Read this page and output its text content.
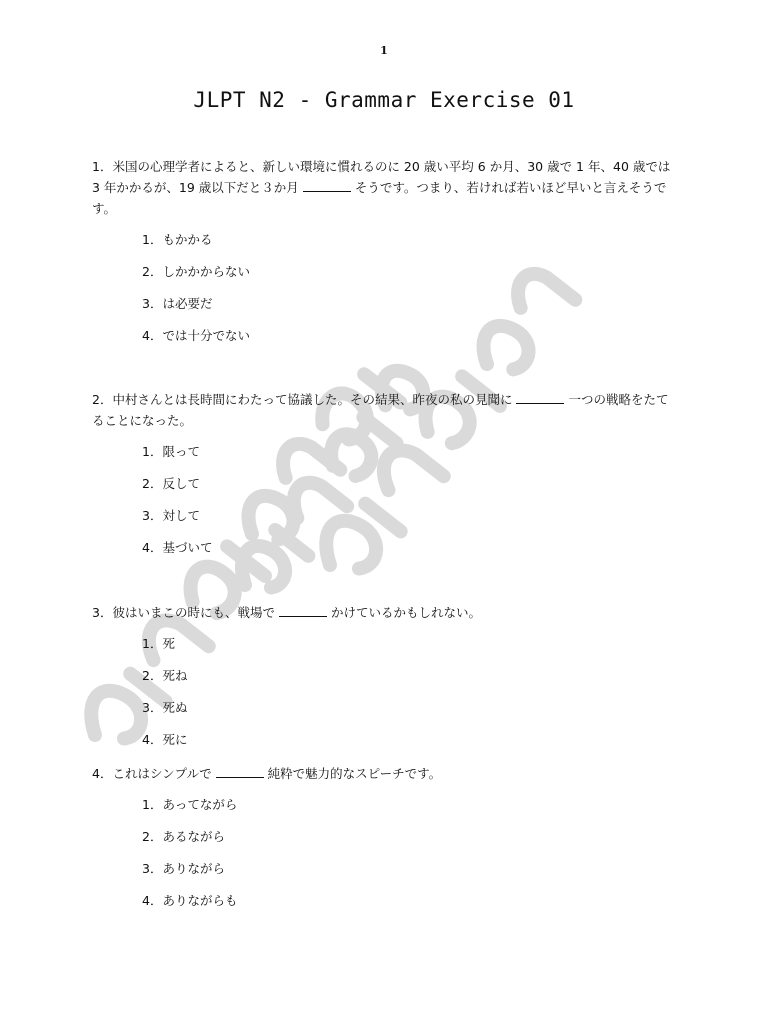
1
JLPT N2 - Grammar Exercise 01

1．米国の心理学者によると、新しい環境に慣れるのに 20 歳い平均 6 か月、30 歳で 1 年、40 歳では 3 年かかるが、19 歳以下だと３か月	そうです。つまり、若ければ若いほど早いと言えそうです。

1．もかかる
2．しかかからない
3．は必要だ
4．では十分でない

2．中村さんとは長時間にわたって協議した。その結果、昨夜の私の見聞に	一つの戦略をたてることになった。

1．限って
2．反して
3．対して
4．基づいて

3．彼はいまこの時にも、戦場で	かけているかもしれない。

1．死
2．死ね
3．死ぬ
4．死に

4．これはシンプルで	純粋で魅力的なスピーチです。

1．あってながら
2．あるながら
3．ありながら
4．ありながらも
